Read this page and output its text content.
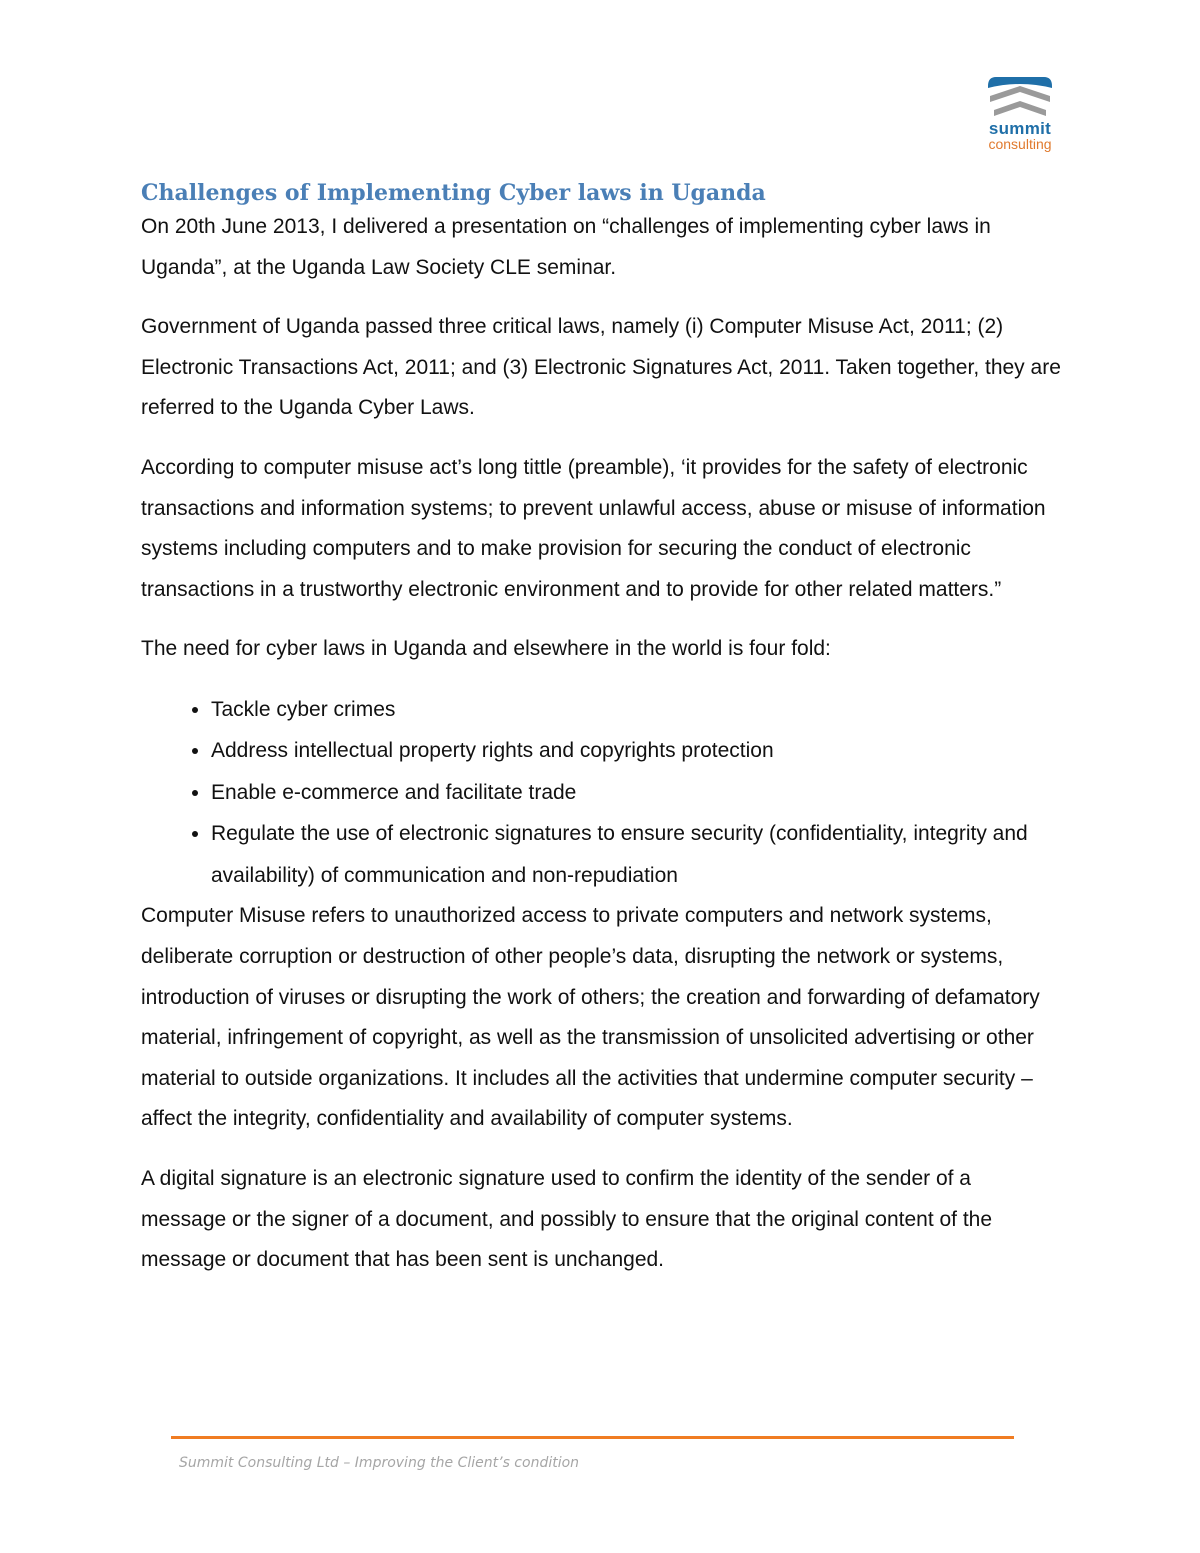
summit
consulting
Challenges of Implementing Cyber laws in Uganda

On 20th June 2013, I delivered a presentation on “challenges of implementing cyber laws in Uganda”, at the Uganda Law Society CLE seminar.

Government of Uganda passed three critical laws, namely (i) Computer Misuse Act, 2011; (2) Electronic Transactions Act, 2011; and (3) Electronic Signatures Act, 2011. Taken together, they are referred to the Uganda Cyber Laws.

According to computer misuse act’s long tittle (preamble), ‘it provides for the safety of electronic transactions and information systems; to prevent unlawful access, abuse or misuse of information systems including computers and to make provision for securing the conduct of electronic transactions in a trustworthy electronic environment and to provide for other related matters.”

The need for cyber laws in Uganda and elsewhere in the world is four fold:

• Tackle cyber crimes
• Address intellectual property rights and copyrights protection
• Enable e-commerce and facilitate trade
• Regulate the use of electronic signatures to ensure security (confidentiality, integrity and availability) of communication and non-repudiation

Computer Misuse refers to unauthorized access to private computers and network systems, deliberate corruption or destruction of other people’s data, disrupting the network or systems, introduction of viruses or disrupting the work of others; the creation and forwarding of defamatory material, infringement of copyright, as well as the transmission of unsolicited advertising or other material to outside organizations. It includes all the activities that undermine computer security – affect the integrity, confidentiality and availability of computer systems.

A digital signature is an electronic signature used to confirm the identity of the sender of a message or the signer of a document, and possibly to ensure that the original content of the message or document that has been sent is unchanged.

Summit Consulting Ltd – Improving the Client’s condition
